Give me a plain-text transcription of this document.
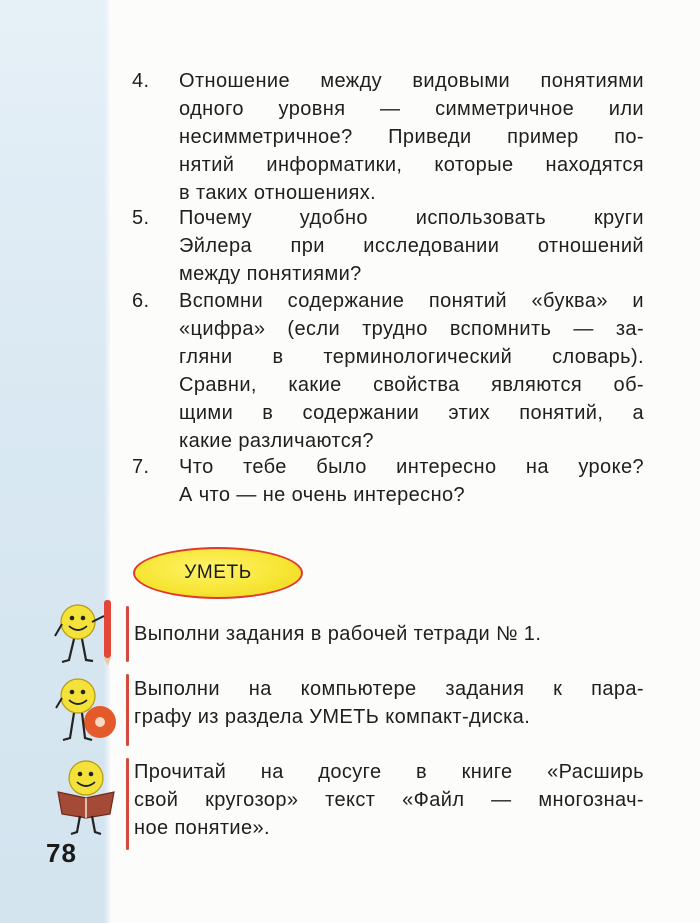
4.	Отношение между видовыми понятиями
одного уровня — симметричное или
несимметричное? Приведи пример по-
нятий информатики, которые находятся
в таких отношениях.
5.	Почему удобно использовать круги
Эйлера при исследовании отношений
между понятиями?
6.	Вспомни содержание понятий «буква» и
«цифра» (если трудно вспомнить — за-
гляни в терминологический словарь).
Сравни, какие свойства являются об-
щими в содержании этих понятий, а
какие различаются?
7.	Что тебе было интересно на уроке?
А что — не очень интересно?
УМЕТЬ
Выполни задания в рабочей тетради № 1.
Выполни на компьютере задания к пара-
графу из раздела УМЕТЬ компакт-диска.
Прочитай на досуге в книге «Расширь
свой кругозор» текст «Файл — многознач-
ное понятие».
78
